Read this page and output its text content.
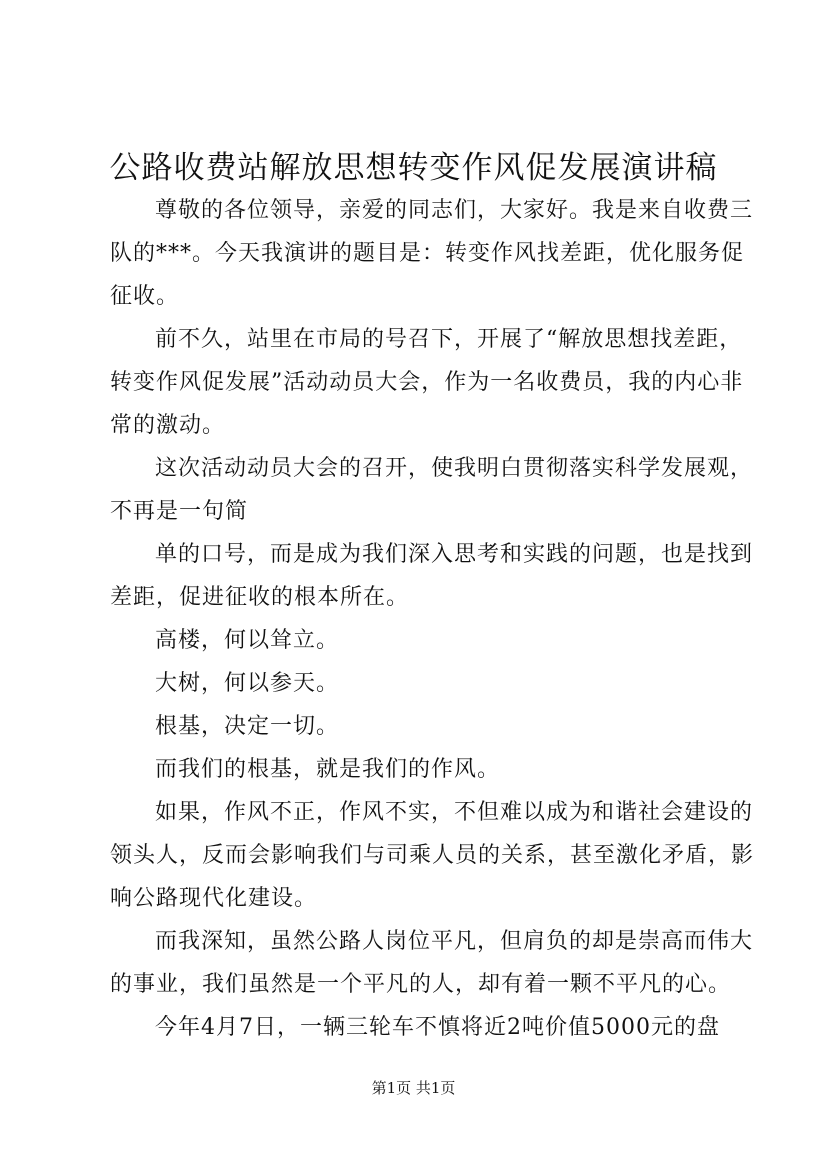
公路收费站解放思想转变作风促发展演讲稿

尊敬的各位领导，亲爱的同志们，大家好。我是来自收费三

队的***。今天我演讲的题目是：转变作风找差距，优化服务促

征收。

前不久，站里在市局的号召下，开展了“解放思想找差距，

转变作风促发展”活动动员大会，作为一名收费员，我的内心非

常的激动。

这次活动动员大会的召开，使我明白贯彻落实科学发展观，

不再是一句简

单的口号，而是成为我们深入思考和实践的问题，也是找到

差距，促进征收的根本所在。

高楼，何以耸立。

大树，何以参天。

根基，决定一切。

而我们的根基，就是我们的作风。

如果，作风不正，作风不实，不但难以成为和谐社会建设的

领头人，反而会影响我们与司乘人员的关系，甚至激化矛盾，影

响公路现代化建设。

而我深知，虽然公路人岗位平凡，但肩负的却是崇高而伟大

的事业，我们虽然是一个平凡的人，却有着一颗不平凡的心。

今年4月7日，一辆三轮车不慎将近2吨价值5000元的盘

第1页 共1页
